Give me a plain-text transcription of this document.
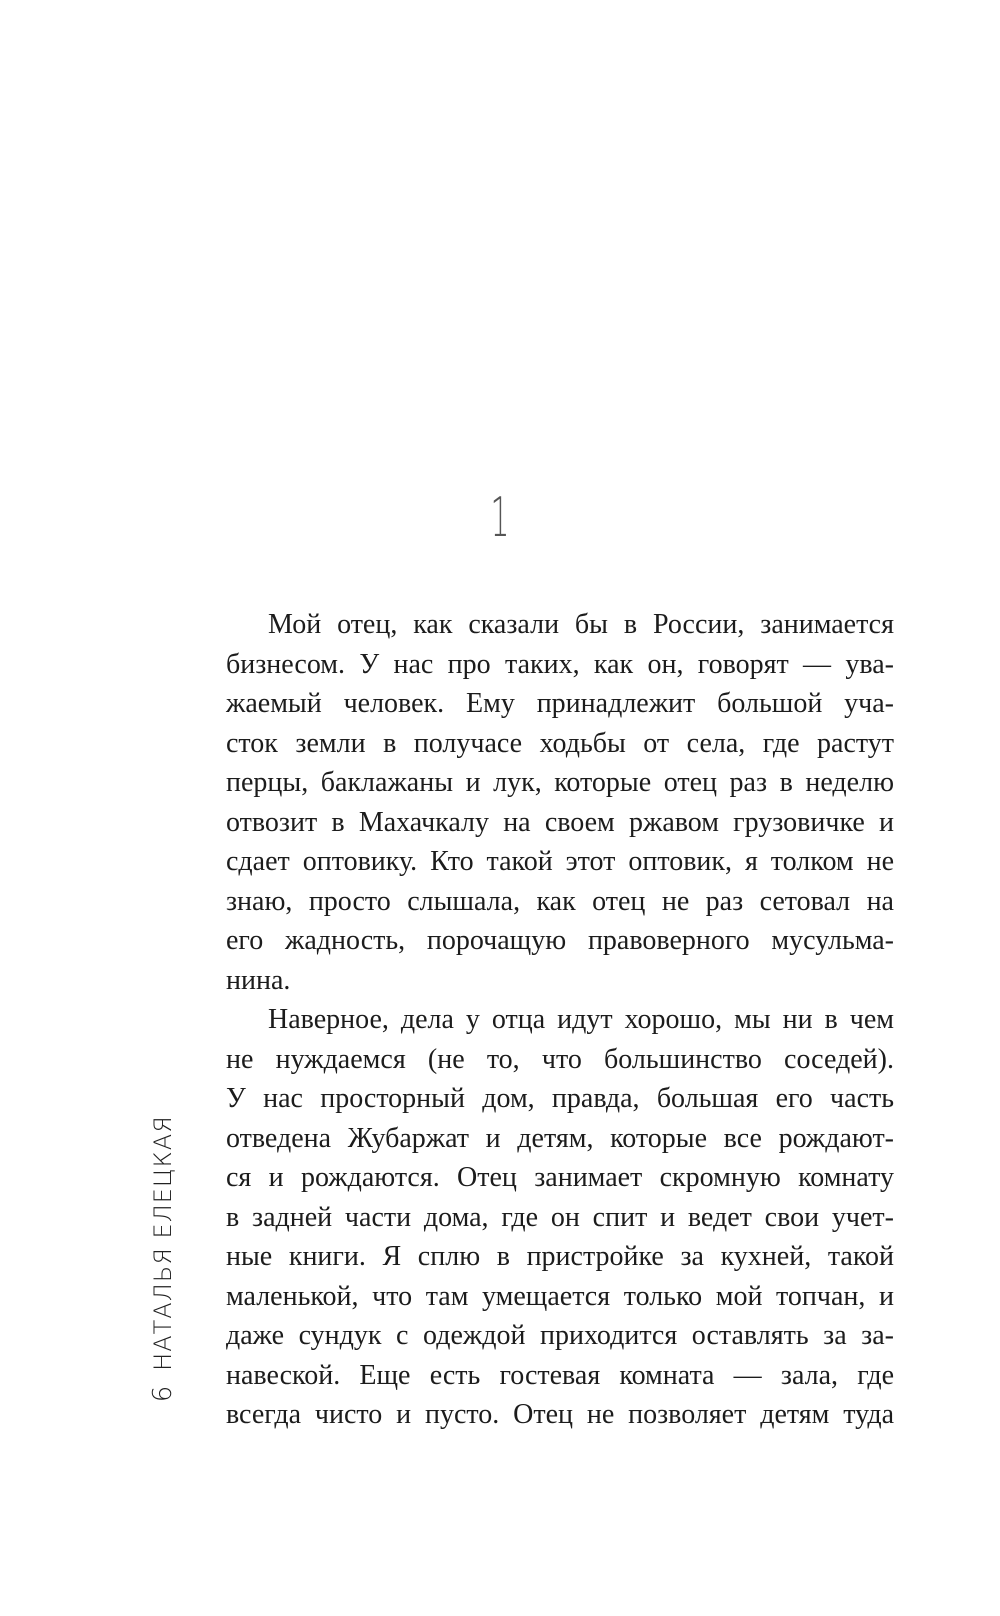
1
Мой отец, как сказали бы в России, занимается
бизнесом. У нас про таких, как он, говорят — ува-
жаемый человек. Ему принадлежит большой уча-
сток земли в получасе ходьбы от села, где растут
перцы, баклажаны и лук, которые отец раз в неделю
отвозит в Махачкалу на своем ржавом грузовичке и
сдает оптовику. Кто такой этот оптовик, я толком не
знаю, просто слышала, как отец не раз сетовал на
его жадность, порочащую правоверного мусульма-
нина.
Наверное, дела у отца идут хорошо, мы ни в чем
не нуждаемся (не то, что большинство соседей).
У нас просторный дом, правда, большая его часть
отведена Жубаржат и детям, которые все рождают-
ся и рождаются. Отец занимает скромную комнату
в задней части дома, где он спит и ведет свои учет-
ные книги. Я сплю в пристройке за кухней, такой
маленькой, что там умещается только мой топчан, и
даже сундук с одеждой приходится оставлять за за-
навеской. Еще есть гостевая комната — зала, где
всегда чисто и пусто. Отец не позволяет детям туда
НАТАЛЬЯ ЕЛЕЦКАЯ
6
